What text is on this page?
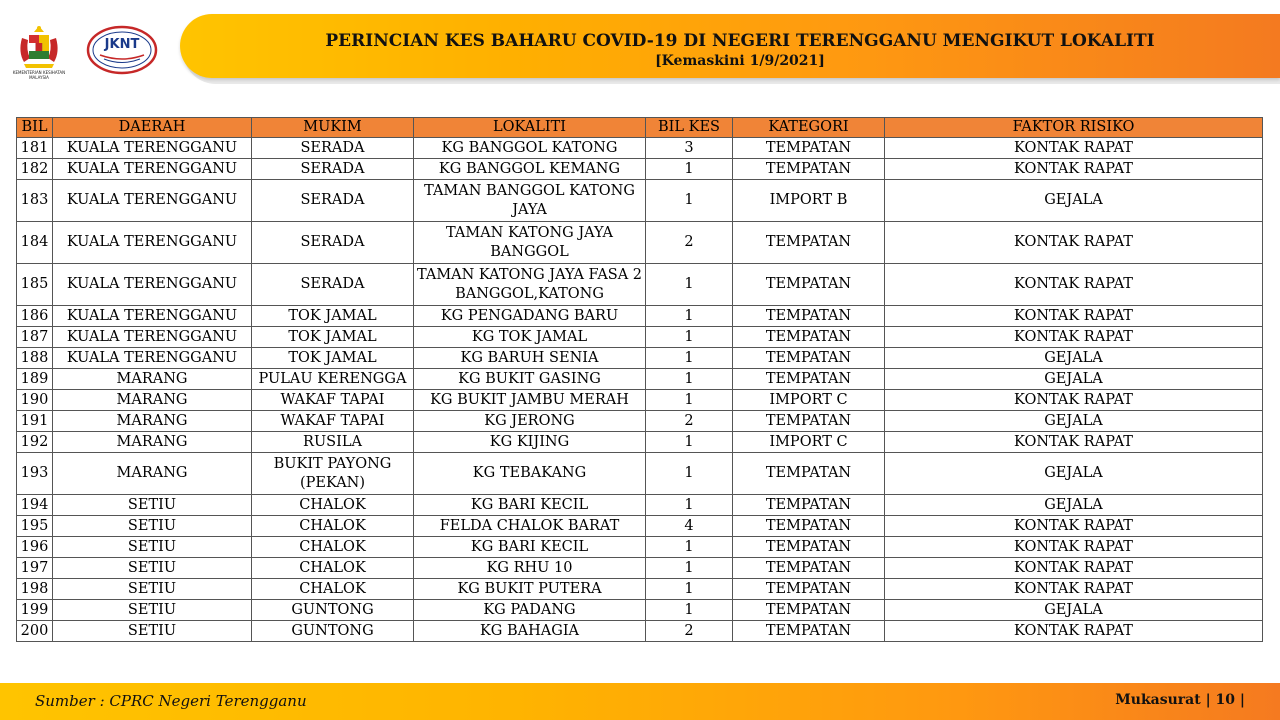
KEMENTERIAN KESIHATAN MALAYSIA
JKNT	PERINCIAN KES BAHARU COVID-19 DI NEGERI TERENGGANU MENGIKUT LOKALITI
[Kemaskini 1/9/2021]
BIL	DAERAH	MUKIM	LOKALITI	BIL KES	KATEGORI	FAKTOR RISIKO
181	KUALA TERENGGANU	SERADA	KG BANGGOL KATONG	3	TEMPATAN	KONTAK RAPAT
182	KUALA TERENGGANU	SERADA	KG BANGGOL KEMANG	1	TEMPATAN	KONTAK RAPAT
183	KUALA TERENGGANU	SERADA	TAMAN BANGGOL KATONG JAYA	1	IMPORT B	GEJALA
184	KUALA TERENGGANU	SERADA	TAMAN KATONG JAYA BANGGOL	2	TEMPATAN	KONTAK RAPAT
185	KUALA TERENGGANU	SERADA	TAMAN KATONG JAYA FASA 2 BANGGOL,KATONG	1	TEMPATAN	KONTAK RAPAT
186	KUALA TERENGGANU	TOK JAMAL	KG PENGADANG BARU	1	TEMPATAN	KONTAK RAPAT
187	KUALA TERENGGANU	TOK JAMAL	KG TOK JAMAL	1	TEMPATAN	KONTAK RAPAT
188	KUALA TERENGGANU	TOK JAMAL	KG BARUH SENIA	1	TEMPATAN	GEJALA
189	MARANG	PULAU KERENGGA	KG BUKIT GASING	1	TEMPATAN	GEJALA
190	MARANG	WAKAF TAPAI	KG BUKIT JAMBU MERAH	1	IMPORT C	KONTAK RAPAT
191	MARANG	WAKAF TAPAI	KG JERONG	2	TEMPATAN	GEJALA
192	MARANG	RUSILA	KG KIJING	1	IMPORT C	KONTAK RAPAT
193	MARANG	BUKIT PAYONG (PEKAN)	KG TEBAKANG	1	TEMPATAN	GEJALA
194	SETIU	CHALOK	KG BARI KECIL	1	TEMPATAN	GEJALA
195	SETIU	CHALOK	FELDA CHALOK BARAT	4	TEMPATAN	KONTAK RAPAT
196	SETIU	CHALOK	KG BARI KECIL	1	TEMPATAN	KONTAK RAPAT
197	SETIU	CHALOK	KG RHU 10	1	TEMPATAN	KONTAK RAPAT
198	SETIU	CHALOK	KG BUKIT PUTERA	1	TEMPATAN	KONTAK RAPAT
199	SETIU	GUNTONG	KG PADANG	1	TEMPATAN	GEJALA
200	SETIU	GUNTONG	KG BAHAGIA	2	TEMPATAN	KONTAK RAPAT
Sumber : CPRC Negeri Terengganu	Mukasurat | 10 |
